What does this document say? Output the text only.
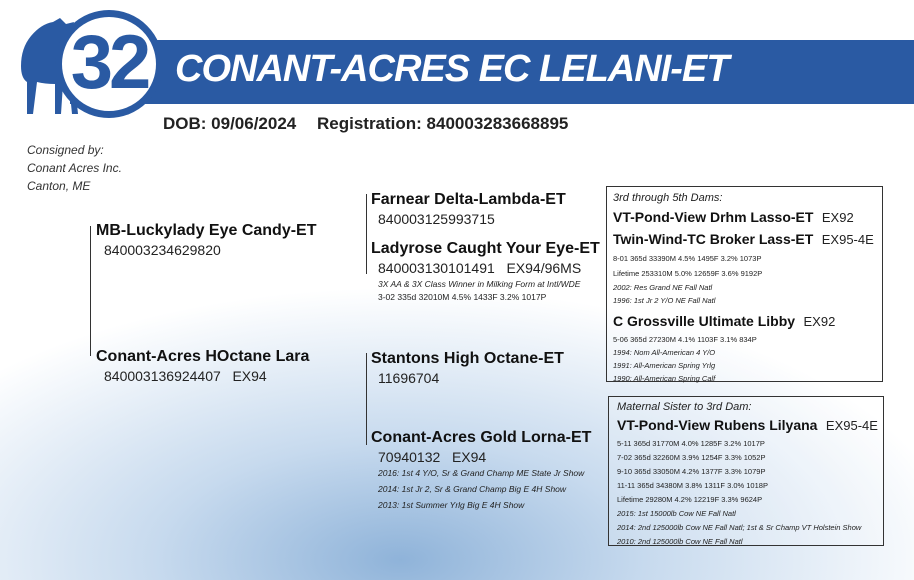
32 CONANT-ACRES EC LELANI-ET
DOB: 09/06/2024 Registration: 840003283668895
Consigned by:
Conant Acres Inc.
Canton, ME
MB-Luckylady Eye Candy-ET
840003234629820
Conant-Acres HOctane Lara
840003136924407   EX94
Farnear Delta-Lambda-ET
840003125993715
Ladyrose Caught Your Eye-ET
840003130101491   EX94/96MS
3X AA & 3X Class Winner in Milking Form at Intl/WDE
3-02 335d 32010M 4.5% 1433F 3.2% 1017P
Stantons High Octane-ET
11696704
Conant-Acres Gold Lorna-ET
70940132   EX94
2016: 1st 4 Y/O, Sr & Grand Champ ME State Jr Show
2014: 1st Jr 2, Sr & Grand Champ Big E 4H Show
2013: 1st Summer Yrlg Big E 4H Show
3rd through 5th Dams:
VT-Pond-View Drhm Lasso-ET EX92
Twin-Wind-TC Broker Lass-ET EX95-4E
8-01 365d 33390M 4.5% 1495F 3.2% 1073P
Lifetime 253310M 5.0% 12659F 3.6% 9192P
2002: Res Grand NE Fall Natl
1996: 1st Jr 2 Y/O NE Fall Natl
C Grossville Ultimate Libby EX92
5-06 365d 27230M 4.1% 1103F 3.1% 834P
1994: Nom All-American 4 Y/O
1991: All-American Spring Yrlg
1990: All-American Spring Calf
Maternal Sister to 3rd Dam:
VT-Pond-View Rubens Lilyana EX95-4E
5-11 365d 31770M 4.0% 1285F 3.2% 1017P
7-02 365d 32260M 3.9% 1254F 3.3% 1052P
9-10 365d 33050M 4.2% 1377F 3.3% 1079P
11-11 365d 34380M 3.8% 1311F 3.0% 1018P
Lifetime 29280M 4.2% 12219F 3.3% 9624P
2015: 1st 15000lb Cow NE Fall Natl
2014: 2nd 125000lb Cow NE Fall Natl; 1st & Sr Champ VT Holstein Show
2010: 2nd 125000lb Cow NE Fall Natl
